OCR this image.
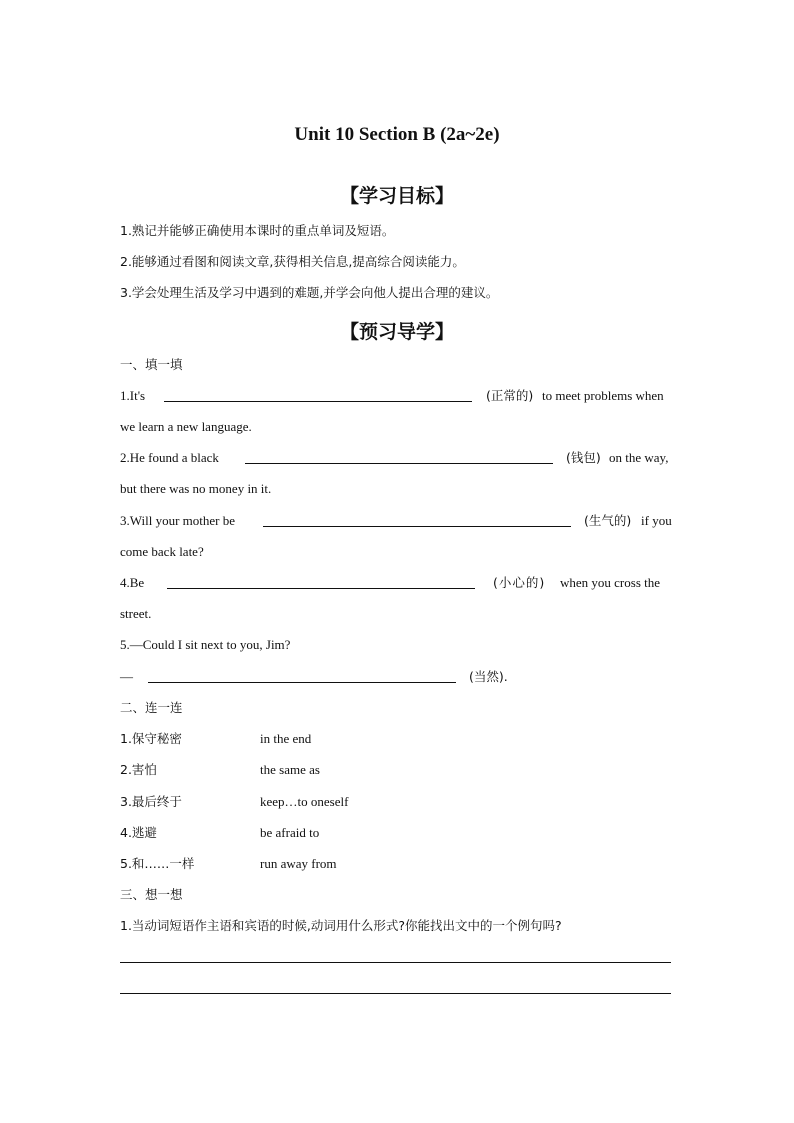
Unit 10 Section B (2a~2e)
【学习目标】
1.熟记并能够正确使用本课时的重点单词及短语。
2.能够通过看图和阅读文章,获得相关信息,提高综合阅读能力。
3.学会处理生活及学习中遇到的难题,并学会向他人提出合理的建议。
【预习导学】
一、填一填
1.It's	(正常的) to meet problems when
we learn a new language.
2.He found a black	(钱包) on the way,
but there was no money in it.
3.Will your mother be	(生气的) if you
come back late?
4.Be	(小心的) when you cross the
street.
5.—Could I sit next to you, Jim?
—	(当然).
二、连一连
1.保守秘密	in the end
2.害怕	the same as
3.最后终于	keep…to oneself
4.逃避	be afraid to
5.和……一样	run away from
三、想一想
1.当动词短语作主语和宾语的时候,动词用什么形式?你能找出文中的一个例句吗?
